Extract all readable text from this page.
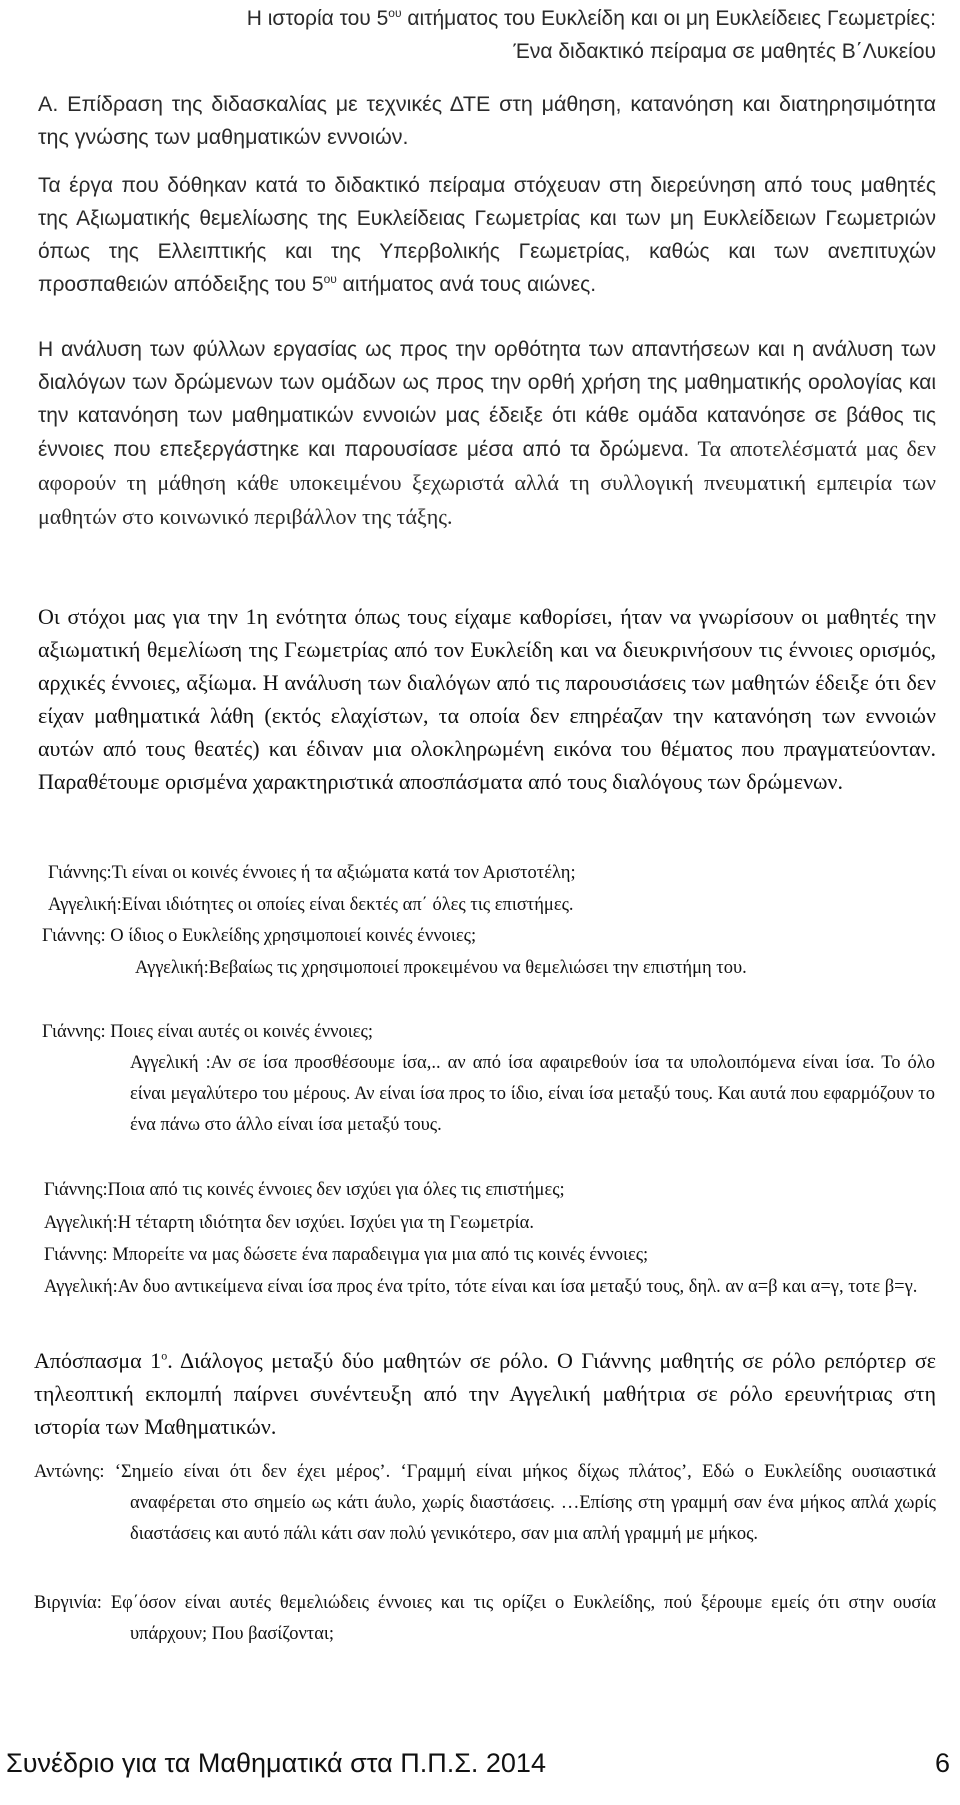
Η ιστορία του $5^{o\upsilon}$ αιτήματος του Ευκλείδη και οι μη Ευκλείδειες Γεωμετρίες:
Ένα διδακτικό πείραμα σε μαθητές Β΄Λυκείου

Α. Επίδραση της διδασκαλίας με τεχνικές ΔΤΕ στη μάθηση, κατανόηση και διατηρησιμότητα της γνώσης των μαθηματικών εννοιών.

Τα έργα που δόθηκαν κατά το διδακτικό πείραμα στόχευαν στη διερεύνηση από τους μαθητές της Αξιωματικής θεμελίωσης της Ευκλείδειας Γεωμετρίας και των μη Ευκλείδειων Γεωμετριών όπως της Ελλειπτικής και της Υπερβολικής Γεωμετρίας, καθώς και των ανεπιτυχών προσπαθειών απόδειξης του $5^{o\upsilon}$ αιτήματος ανά τους αιώνες.

Η ανάλυση των φύλλων εργασίας ως προς την ορθότητα των απαντήσεων και η ανάλυση των διαλόγων των δρώμενων των ομάδων ως προς την ορθή χρήση της μαθηματικής ορολογίας και την κατανόηση των μαθηματικών εννοιών μας έδειξε ότι κάθε ομάδα κατανόησε σε βάθος τις έννοιες που επεξεργάστηκε και παρουσίασε μέσα από τα δρώμενα. Τα αποτελέσματά μας δεν αφορούν τη μάθηση κάθε υποκειμένου ξεχωριστά αλλά τη συλλογική πνευματική εμπειρία των μαθητών στο κοινωνικό περιβάλλον της τάξης.

Οι στόχοι μας για την 1η ενότητα όπως τους είχαμε καθορίσει, ήταν να γνωρίσουν οι μαθητές την αξιωματική θεμελίωση της Γεωμετρίας από τον Ευκλείδη και να διευκρινήσουν τις έννοιες ορισμός, αρχικές έννοιες, αξίωμα. Η ανάλυση των διαλόγων από τις παρουσιάσεις των μαθητών έδειξε ότι δεν είχαν μαθηματικά λάθη (εκτός ελαχίστων, τα οποία δεν επηρέαζαν την κατανόηση των εννοιών αυτών από τους θεατές) και έδιναν μια ολοκληρωμένη εικόνα του θέματος που πραγματεύονταν. Παραθέτουμε ορισμένα χαρακτηριστικά αποσπάσματα από τους διαλόγους των δρώμενων.

Γιάννης:Τι είναι οι κοινές έννοιες ή τα αξιώματα κατά τον Αριστοτέλη;
Αγγελική:Είναι ιδιότητες οι οποίες είναι δεκτές απ΄ όλες τις επιστήμες.
Γιάννης: Ο ίδιος ο Ευκλείδης χρησιμοποιεί κοινές έννοιες;

Αγγελική:Βεβαίως τις χρησιμοποιεί προκειμένου να θεμελιώσει την επιστήμη του.

Γιάννης: Ποιες είναι αυτές οι κοινές έννοιες;

Αγγελική :Αν σε ίσα προσθέσουμε ίσα,.. αν από ίσα αφαιρεθούν ίσα τα υπολοιπόμενα είναι ίσα. Το όλο είναι μεγαλύτερο του μέρους. Αν είναι ίσα προς το ίδιο, είναι ίσα μεταξύ τους. Και αυτά που εφαρμόζουν το ένα πάνω στο άλλο είναι ίσα μεταξύ τους.

Γιάννης:Ποια από τις κοινές έννοιες δεν ισχύει για όλες τις επιστήμες;
Αγγελική:Η τέταρτη ιδιότητα δεν ισχύει. Ισχύει για τη Γεωμετρία.
Γιάννης: Μπορείτε να μας δώσετε ένα παραδειγμα για μια από τις κοινές έννοιες;

Αγγελική:Αν δυο αντικείμενα είναι ίσα προς ένα τρίτο, τότε είναι και ίσα μεταξύ τους, δηλ. αν α=β και α=γ, τοτε β=γ.

Απόσπασμα $1^o$. Διάλογος μεταξύ δύο μαθητών σε ρόλο. Ο Γιάννης μαθητής σε ρόλο ρεπόρτερ σε τηλεοπτική εκπομπή παίρνει συνέντευξη από την Αγγελική μαθήτρια σε ρόλο ερευνήτριας στη ιστορία των Μαθηματικών.

Αντώνης: ‘Σημείο είναι ότι δεν έχει μέρος’. ‘Γραμμή είναι μήκος δίχως πλάτος’, Εδώ ο Ευκλείδης ουσιαστικά αναφέρεται στο σημείο ως κάτι άυλο, χωρίς διαστάσεις. …Επίσης στη γραμμή σαν ένα μήκος απλά χωρίς διαστάσεις και αυτό πάλι κάτι σαν πολύ γενικότερο, σαν μια απλή γραμμή με μήκος.

Βιργινία: Εφ΄όσον είναι αυτές θεμελιώδεις έννοιες και τις ορίζει ο Ευκλείδης, πού ξέρουμε εμείς ότι στην ουσία υπάρχουν; Που βασίζονται;

Συνέδριο για τα Μαθηματικά στα Π.Π.Σ. 2014	6
